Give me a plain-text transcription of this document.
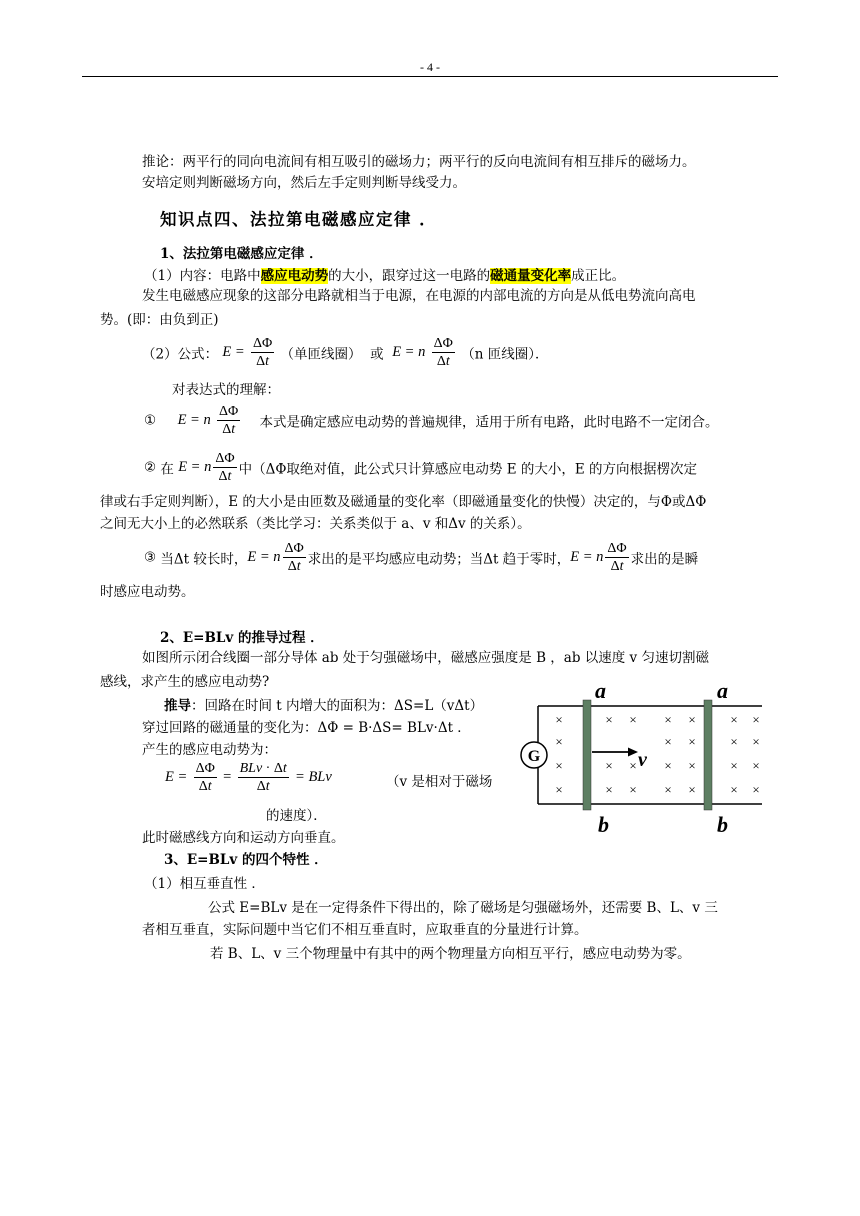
- 4 -
推论：两平行的同向电流间有相互吸引的磁场力；两平行的反向电流间有相互排斥的磁场力。
安培定则判断磁场方向，然后左手定则判断导线受力。
知识点四、法拉第电磁感应定律 ．
1、法拉第电磁感应定律 ．
（1）内容：电路中感应电动势的大小，跟穿过这一电路的磁通量变化率成正比。
发生电磁感应现象的这部分电路就相当于电源，在电源的内部电流的方向是从低电势流向高电
势。(即：由负到正)
（2）公式： $E = \frac{\Delta\Phi}{\Delta t}$ （单匝线圈） 或 E = n $\frac{\Delta\Phi}{\Delta t} (n$ 匝线圈）．
对表达式的理解：
① E = n $\frac{\Delta\Phi}{\Delta t}$ 本式是确定感应电动势的普遍规律，适用于所有电路，此时电路不一定闭合。
② 在 E = n $\frac{\Delta\Phi}{\Delta t}$ 中（ΔΦ取绝对值，此公式只计算感应电动势 E 的大小，E 的方向根据楞次定
律或右手定则判断），E 的大小是由匝数及磁通量的变化率（即磁通量变化的快慢）决定的，与Φ或ΔΦ
之间无大小上的必然联系（类比学习：关系类似于 a、v 和Δv 的关系）。
③ 当Δt 较长时，E = n $\frac{\Delta\Phi}{\Delta t}$ 求出的是平均感应电动势；当Δt 趋于零时，E = n $\frac{\Delta\Phi}{\Delta t}$ 求出的是瞬
时感应电动势。
2、E=BLv 的推导过程 ．
如图所示闭合线圈一部分导体 ab 处于匀强磁场中，磁感应强度是 B ，ab 以速度 v 匀速切割磁
感线，求产生的感应电动势?
推导：回路在时间 t 内增大的面积为：ΔS=L（vΔt）
穿过回路的磁通量的变化为：ΔΦ = B·ΔS= BLv·Δt ．
产生的感应电动势为：
$E = \frac{\Delta\Phi}{\Delta t} = \frac{\text{BLv · Δt}}{\Delta t}$ = BLv	（v 是相对于磁场
的速度）．
此时磁感线方向和运动方向垂直。
3、E=BLv 的四个特性 ．
（1）相互垂直性 ．
公式 E=BLv 是在一定得条件下得出的，除了磁场是匀强磁场外，还需要 B、L、v 三
者相互垂直，实际问题中当它们不相互垂直时，应取垂直的分量进行计算。
若 B、L、v 三个物理量中有其中的两个物理量方向相互平行，感应电动势为零。
G
×	× × × ×	× ×
×	× ×	× ×
×	× × × ×	× ×
×	× × × ×	× ×
v
a	a
b	b
